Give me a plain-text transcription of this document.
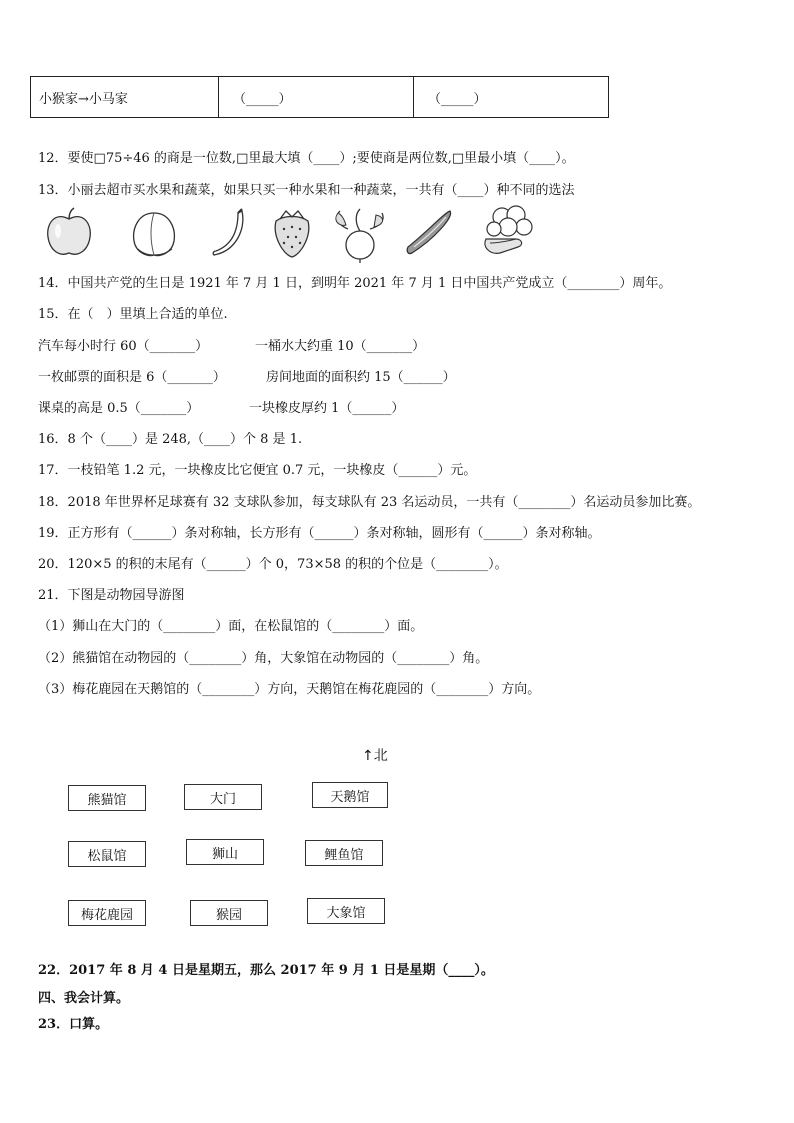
小猴家→小马家	（_____）	（_____）
12．要使□75÷46 的商是一位数,□里最大填（____）;要使商是两位数,□里最小填（____）。
13．小丽去超市买水果和蔬菜，如果只买一种水果和一种蔬菜，一共有（____）种不同的选法
14．中国共产党的生日是 1921 年 7 月 1 日，到明年 2021 年 7 月 1 日中国共产党成立（________）周年。
15．在（　）里填上合适的单位.
汽车每小时行 60（_______）	一桶水大约重 10（_______）
一枚邮票的面积是 6（_______）	房间地面的面积约 15（______）
课桌的高是 0.5（_______）	一块橡皮厚约 1（______）
16．8 个（____）是 248,（____）个 8 是 1.
17．一枝铅笔 1.2 元，一块橡皮比它便宜 0.7 元，一块橡皮（______）元。
18．2018 年世界杯足球赛有 32 支球队参加，每支球队有 23 名运动员，一共有（________）名运动员参加比赛。
19．正方形有（______）条对称轴，长方形有（______）条对称轴，圆形有（______）条对称轴。
20．120×5 的积的末尾有（______）个 0，73×58 的积的个位是（________）。
21．下图是动物园导游图
（1）狮山在大门的（________）面，在松鼠馆的（________）面。
（2）熊猫馆在动物园的（________）角，大象馆在动物园的（________）角。
（3）梅花鹿园在天鹅馆的（________）方向，天鹅馆在梅花鹿园的（________）方向。
↑北
熊猫馆	大门	天鹅馆
松鼠馆	狮山	鲤鱼馆
梅花鹿园	猴园	大象馆
22．2017 年 8 月 4 日是星期五，那么 2017 年 9 月 1 日是星期（____）。
四、我会计算。
23．口算。
